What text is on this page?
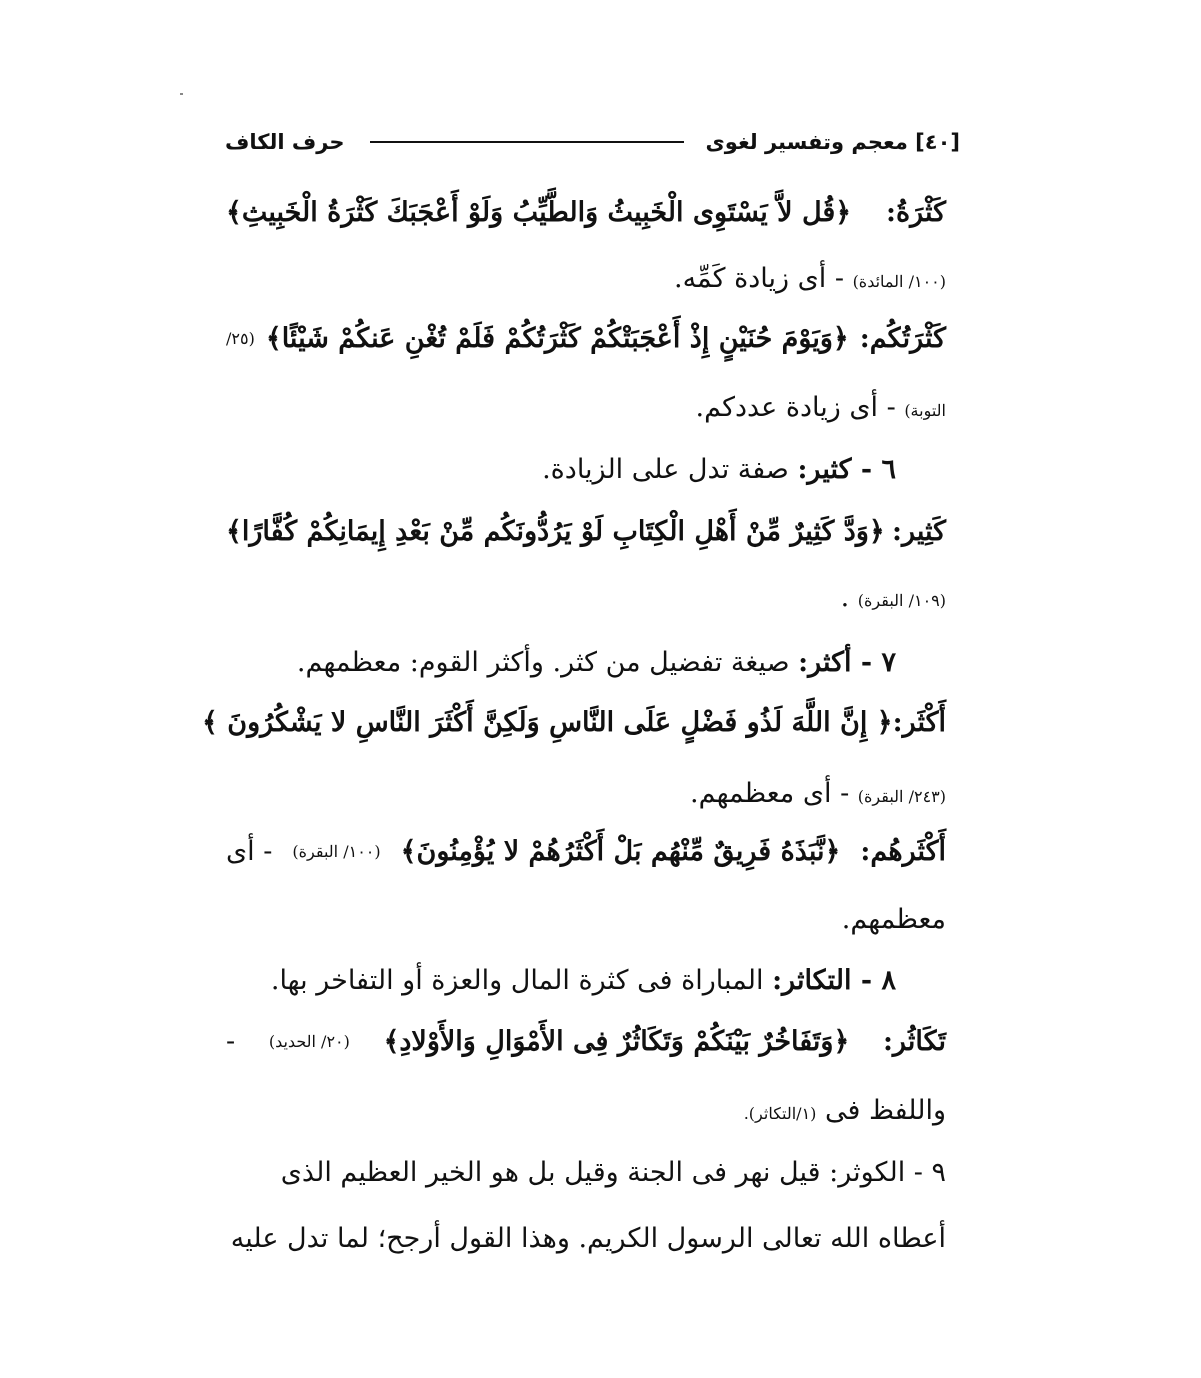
[٤٠] معجم وتفسير لغوى
حرف الكاف
كَثْرَةُ:
﴿قُل لاَّ يَسْتَوِى الْخَبِيثُ وَالطَّيِّبُ وَلَوْ أَعْجَبَكَ كَثْرَةُ الْخَبِيثِ﴾
(١٠٠/ المائدة) - أى زيادة كَمِّه.
كَثْرَتُكُم:
﴿وَيَوْمَ حُنَيْنٍ إِذْ أَعْجَبَتْكُمْ كَثْرَتُكُمْ فَلَمْ تُغْنِ عَنكُمْ شَيْئًا﴾
(٢٥/
التوبة) - أى زيادة عددكم.
٦ - كثير: صفة تدل على الزيادة.
كَثِير:
﴿وَدَّ كَثِيرٌ مِّنْ أَهْلِ الْكِتَابِ لَوْ يَرُدُّونَكُم مِّنْ بَعْدِ إِيمَانِكُمْ كُفَّارًا﴾
(١٠٩/ البقرة) .
٧ - أكثر: صيغة تفضيل من كثر. وأكثر القوم: معظمهم.
أَكْثَر:
﴿ إِنَّ اللَّهَ لَذُو فَضْلٍ عَلَى النَّاسِ وَلَكِنَّ أَكْثَرَ النَّاسِ لا يَشْكُرُونَ ﴾
(٢٤٣/ البقرة) - أى معظمهم.
أَكْثَرهُم:
﴿نَّبَذَهُ فَرِيقٌ مِّنْهُم بَلْ أَكْثَرُهُمْ لا يُؤْمِنُونَ﴾
(١٠٠/ البقرة)
- أى
معظمهم.
٨ - التكاثر: المباراة فى كثرة المال والعزة أو التفاخر بها.
تَكَاثُر:
﴿وَتَفَاخُرٌ بَيْنَكُمْ وَتَكَاثُرٌ فِى الأَمْوَالِ وَالأَوْلادِ﴾
(٢٠/ الحديد)
-
واللفظ فى (١/التكاثر).
٩ - الكوثر: قيل نهر فى الجنة وقيل بل هو الخير العظيم الذى
أعطاه الله تعالى الرسول الكريم. وهذا القول أرجح؛ لما تدل عليه
